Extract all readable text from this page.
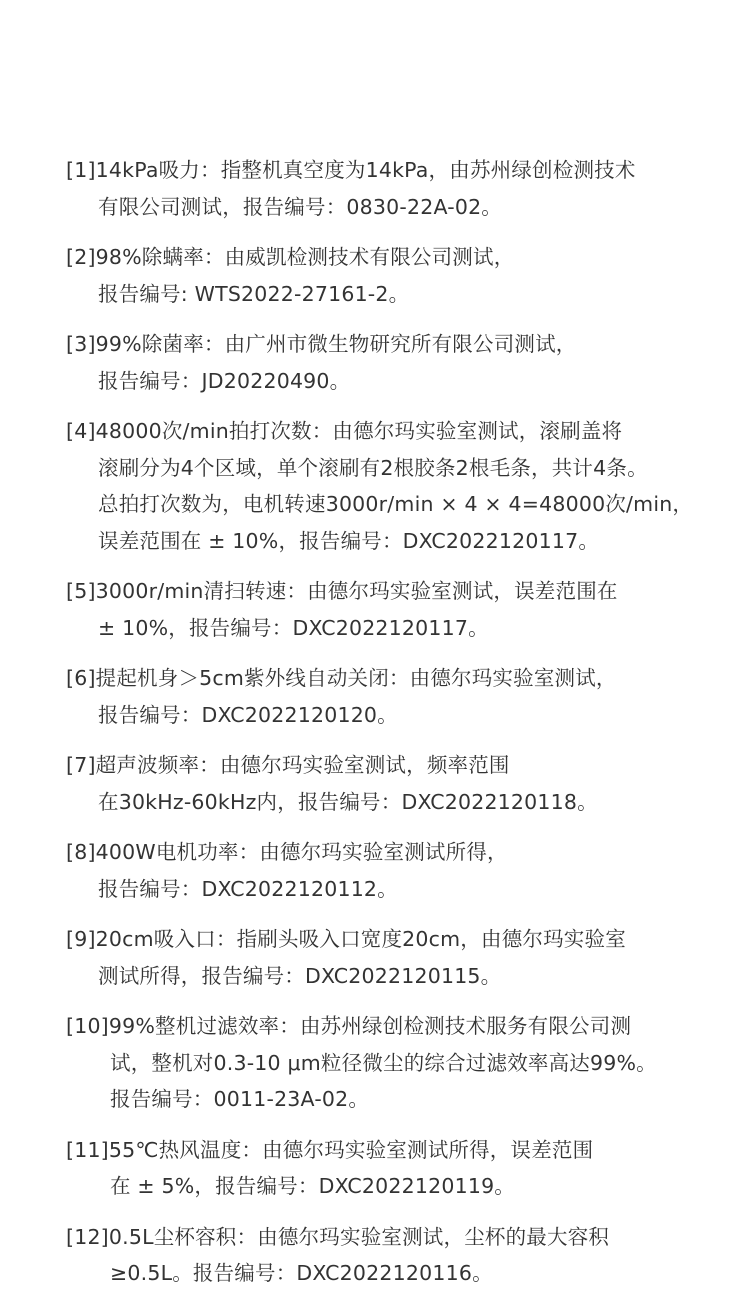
[1]14kPa吸力：指整机真空度为14kPa，由苏州绿创检测技术
有限公司测试，报告编号：0830-22A-02。
[2]98%除螨率：由威凯检测技术有限公司测试，
报告编号: WTS2022-27161-2。
[3]99%除菌率：由广州市微生物研究所有限公司测试，
报告编号：JD20220490。
[4]48000次/min拍打次数：由德尔玛实验室测试，滚刷盖将
滚刷分为4个区域，单个滚刷有2根胶条2根毛条，共计4条。
总拍打次数为，电机转速3000r/min × 4 × 4=48000次/min，
误差范围在 ± 10%，报告编号：DXC2022120117。
[5]3000r/min清扫转速：由德尔玛实验室测试，误差范围在
± 10%，报告编号：DXC2022120117。
[6]提起机身＞5cm紫外线自动关闭：由德尔玛实验室测试，
报告编号：DXC2022120120。
[7]超声波频率：由德尔玛实验室测试，频率范围
在30kHz-60kHz内，报告编号：DXC2022120118。
[8]400W电机功率：由德尔玛实验室测试所得，
报告编号：DXC2022120112。
[9]20cm吸入口：指刷头吸入口宽度20cm，由德尔玛实验室
测试所得，报告编号：DXC2022120115。
[10]99%整机过滤效率：由苏州绿创检测技术服务有限公司测
试，整机对0.3-10 μm粒径微尘的综合过滤效率高达99%。
报告编号：0011-23A-02。
[11]55℃热风温度：由德尔玛实验室测试所得，误差范围
在 ± 5%，报告编号：DXC2022120119。
[12]0.5L尘杯容积：由德尔玛实验室测试，尘杯的最大容积
≥0.5L。报告编号：DXC2022120116。
